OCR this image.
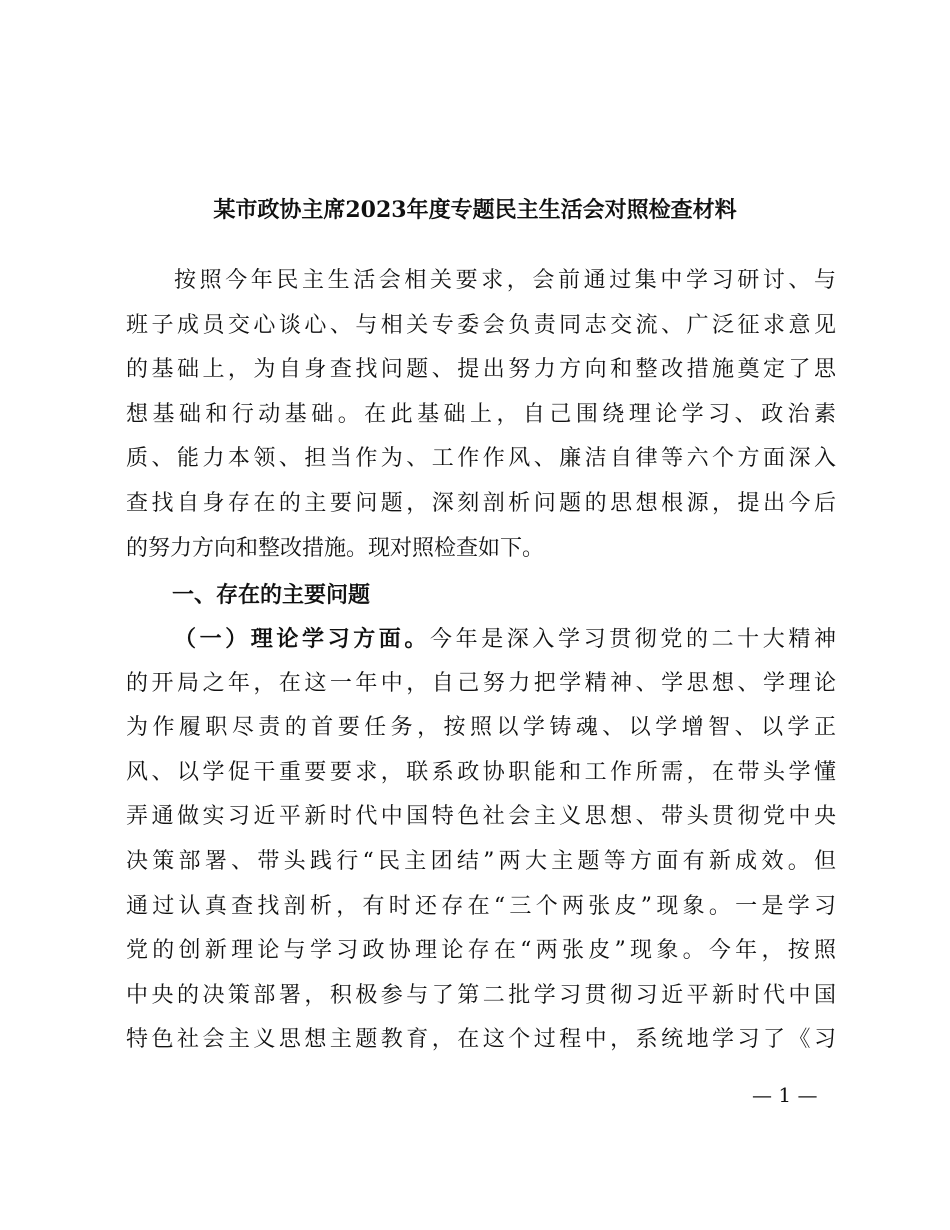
某市政协主席2023年度专题民主生活会对照检查材料
按照今年民主生活会相关要求，会前通过集中学习研讨、与
班子成员交心谈心、与相关专委会负责同志交流、广泛征求意见
的基础上，为自身查找问题、提出努力方向和整改措施奠定了思
想基础和行动基础。在此基础上，自己围绕理论学习、政治素
质、能力本领、担当作为、工作作风、廉洁自律等六个方面深入
查找自身存在的主要问题，深刻剖析问题的思想根源，提出今后
的努力方向和整改措施。现对照检查如下。
一、存在的主要问题
（一）理论学习方面。今年是深入学习贯彻党的二十大精神
的开局之年，在这一年中，自己努力把学精神、学思想、学理论
为作履职尽责的首要任务，按照以学铸魂、以学增智、以学正
风、以学促干重要要求，联系政协职能和工作所需，在带头学懂
弄通做实习近平新时代中国特色社会主义思想、带头贯彻党中央
决策部署、带头践行“民主团结”两大主题等方面有新成效。但
通过认真查找剖析，有时还存在“三个两张皮”现象。一是学习
党的创新理论与学习政协理论存在“两张皮”现象。今年，按照
中央的决策部署，积极参与了第二批学习贯彻习近平新时代中国
特色社会主义思想主题教育，在这个过程中，系统地学习了《习
— 1 —
